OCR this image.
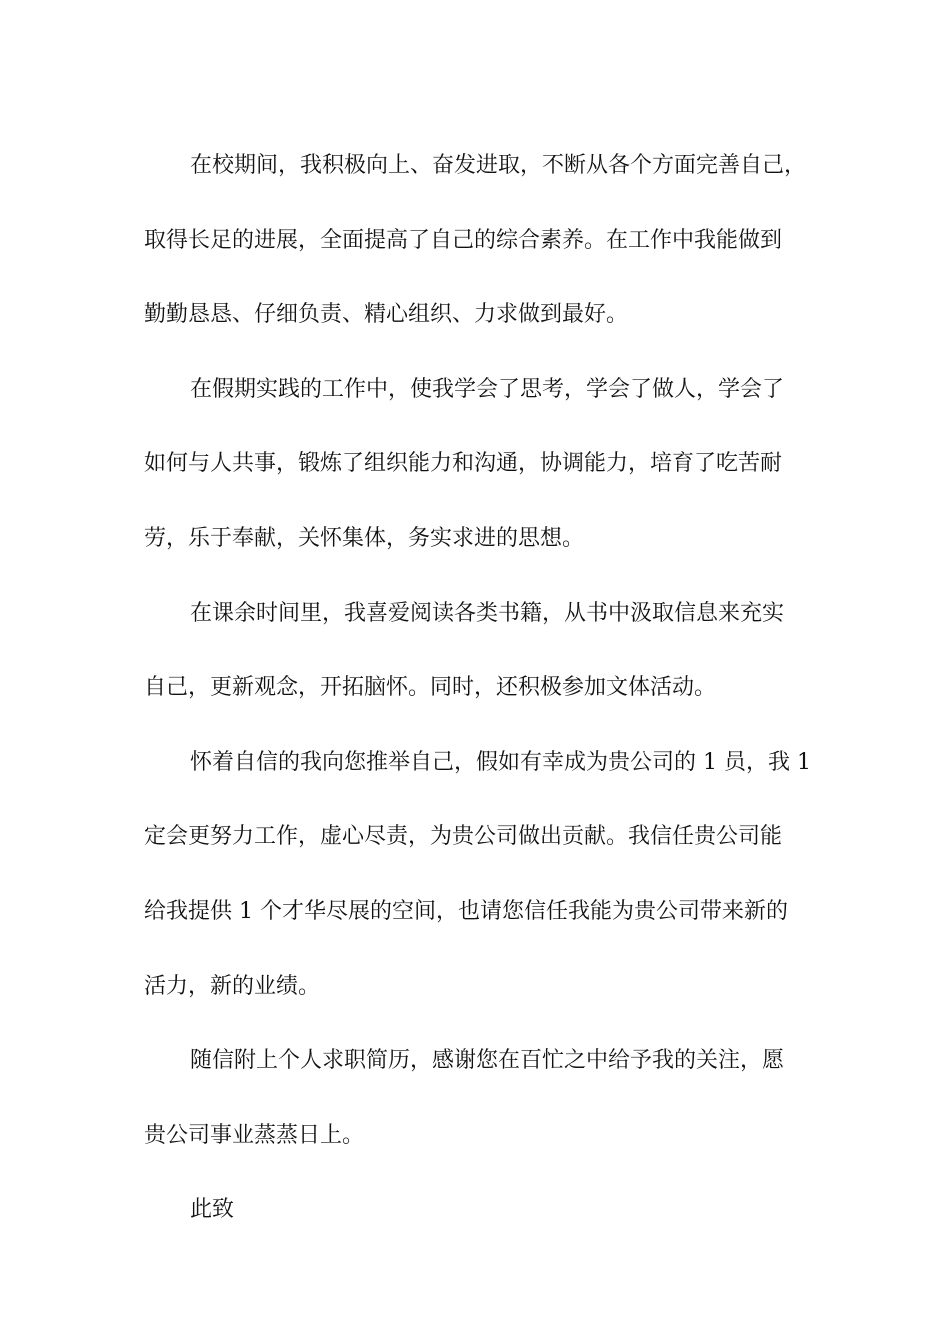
在校期间，我积极向上、奋发进取，不断从各个方面完善自己，
取得长足的进展，全面提高了自己的综合素养。在工作中我能做到
勤勤恳恳、仔细负责、精心组织、力求做到最好。

在假期实践的工作中，使我学会了思考，学会了做人，学会了
如何与人共事，锻炼了组织能力和沟通，协调能力，培育了吃苦耐
劳，乐于奉献，关怀集体，务实求进的思想。

在课余时间里，我喜爱阅读各类书籍，从书中汲取信息来充实
自己，更新观念，开拓脑怀。同时，还积极参加文体活动。

怀着自信的我向您推举自己，假如有幸成为贵公司的 1 员，我 1
定会更努力工作，虚心尽责，为贵公司做出贡献。我信任贵公司能
给我提供 1 个才华尽展的空间，也请您信任我能为贵公司带来新的
活力，新的业绩。

随信附上个人求职简历，感谢您在百忙之中给予我的关注，愿
贵公司事业蒸蒸日上。

此致
